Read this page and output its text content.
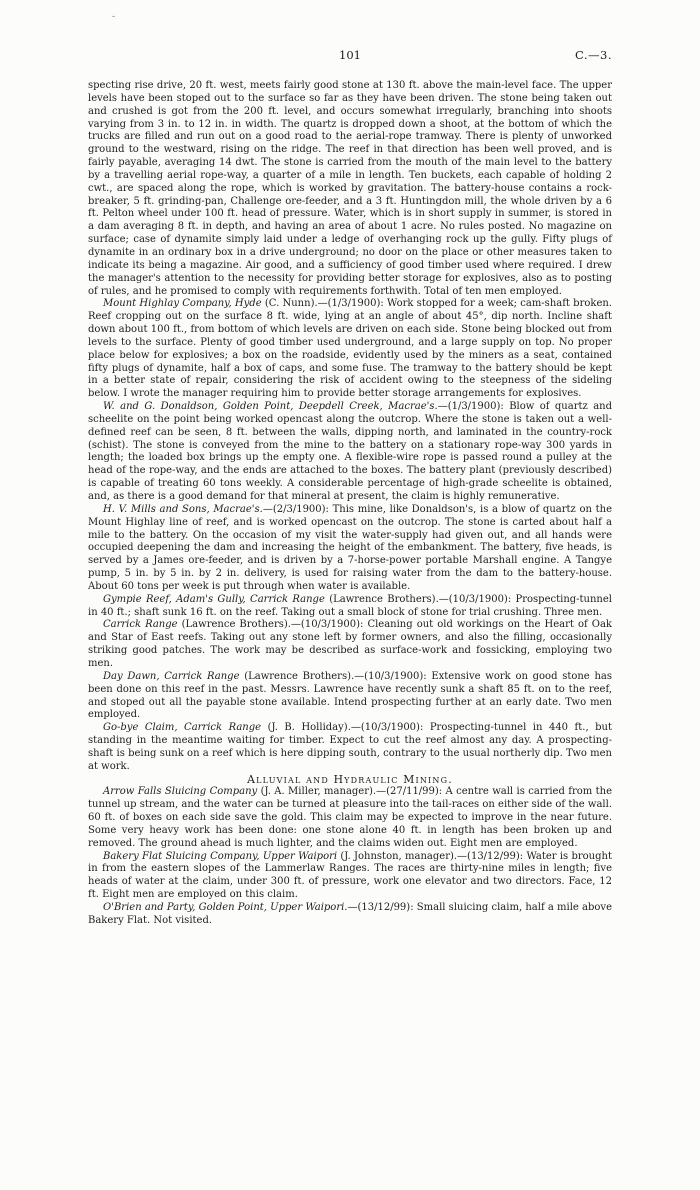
-
101	C.—3.

specting rise drive, 20 ft. west, meets fairly good stone at 130 ft. above the main-level face. The upper levels have been stoped out to the surface so far as they have been driven. The stone being taken out and crushed is got from the 200 ft. level, and occurs somewhat irregularly, branching into shoots varying from 3 in. to 12 in. in width. The quartz is dropped down a shoot, at the bottom of which the trucks are filled and run out on a good road to the aerial-rope tramway. There is plenty of unworked ground to the westward, rising on the ridge. The reef in that direction has been well proved, and is fairly payable, averaging 14 dwt. The stone is carried from the mouth of the main level to the battery by a travelling aerial rope-way, a quarter of a mile in length. Ten buckets, each capable of holding 2 cwt., are spaced along the rope, which is worked by gravitation. The battery-house contains a rock-breaker, 5 ft. grinding-pan, Challenge ore-feeder, and a 3 ft. Huntingdon mill, the whole driven by a 6 ft. Pelton wheel under 100 ft. head of pressure. Water, which is in short supply in summer, is stored in a dam averaging 8 ft. in depth, and having an area of about 1 acre. No rules posted. No magazine on surface; case of dynamite simply laid under a ledge of overhanging rock up the gully. Fifty plugs of dynamite in an ordinary box in a drive underground; no door on the place or other measures taken to indicate its being a magazine. Air good, and a sufficiency of good timber used where required. I drew the manager's attention to the necessity for providing better storage for explosives, also as to posting of rules, and he promised to comply with requirements forthwith. Total of ten men employed.

Mount Highlay Company, Hyde (C. Nunn).—(1/3/1900): Work stopped for a week; cam-shaft broken. Reef cropping out on the surface 8 ft. wide, lying at an angle of about 45°, dip north. Incline shaft down about 100 ft., from bottom of which levels are driven on each side. Stone being blocked out from levels to the surface. Plenty of good timber used underground, and a large supply on top. No proper place below for explosives; a box on the roadside, evidently used by the miners as a seat, contained fifty plugs of dynamite, half a box of caps, and some fuse. The tramway to the battery should be kept in a better state of repair, considering the risk of accident owing to the steepness of the sideling below. I wrote the manager requiring him to provide better storage arrangements for explosives.

W. and G. Donaldson, Golden Point, Deepdell Creek, Macrae's.—(1/3/1900): Blow of quartz and scheelite on the point being worked opencast along the outcrop. Where the stone is taken out a well-defined reef can be seen, 8 ft. between the walls, dipping north, and laminated in the country-rock (schist). The stone is conveyed from the mine to the battery on a stationary rope-way 300 yards in length; the loaded box brings up the empty one. A flexible-wire rope is passed round a pulley at the head of the rope-way, and the ends are attached to the boxes. The battery plant (previously described) is capable of treating 60 tons weekly. A considerable percentage of high-grade scheelite is obtained, and, as there is a good demand for that mineral at present, the claim is highly remunerative.

H. V. Mills and Sons, Macrae's.—(2/3/1900): This mine, like Donaldson's, is a blow of quartz on the Mount Highlay line of reef, and is worked opencast on the outcrop. The stone is carted about half a mile to the battery. On the occasion of my visit the water-supply had given out, and all hands were occupied deepening the dam and increasing the height of the embankment. The battery, five heads, is served by a James ore-feeder, and is driven by a 7-horse-power portable Marshall engine. A Tangye pump, 5 in. by 5 in. by 2 in. delivery, is used for raising water from the dam to the battery-house. About 60 tons per week is put through when water is available.

Gympie Reef, Adam's Gully, Carrick Range (Lawrence Brothers).—(10/3/1900): Prospecting-tunnel in 40 ft.; shaft sunk 16 ft. on the reef. Taking out a small block of stone for trial crushing. Three men.

Carrick Range (Lawrence Brothers).—(10/3/1900): Cleaning out old workings on the Heart of Oak and Star of East reefs. Taking out any stone left by former owners, and also the filling, occasionally striking good patches. The work may be described as surface-work and fossicking, employing two men.

Day Dawn, Carrick Range (Lawrence Brothers).—(10/3/1900): Extensive work on good stone has been done on this reef in the past. Messrs. Lawrence have recently sunk a shaft 85 ft. on to the reef, and stoped out all the payable stone available. Intend prospecting further at an early date. Two men employed.

Go-bye Claim, Carrick Range (J. B. Holliday).—(10/3/1900): Prospecting-tunnel in 440 ft., but standing in the meantime waiting for timber. Expect to cut the reef almost any day. A prospecting-shaft is being sunk on a reef which is here dipping south, contrary to the usual northerly dip. Two men at work.

Alluvial and Hydraulic Mining.

Arrow Falls Sluicing Company (J. A. Miller, manager).—(27/11/99): A centre wall is carried from the tunnel up stream, and the water can be turned at pleasure into the tail-races on either side of the wall. 60 ft. of boxes on each side save the gold. This claim may be expected to improve in the near future. Some very heavy work has been done: one stone alone 40 ft. in length has been broken up and removed. The ground ahead is much lighter, and the claims widen out. Eight men are employed.

Bakery Flat Sluicing Company, Upper Waipori (J. Johnston, manager).—(13/12/99): Water is brought in from the eastern slopes of the Lammerlaw Ranges. The races are thirty-nine miles in length; five heads of water at the claim, under 300 ft. of pressure, work one elevator and two directors. Face, 12 ft. Eight men are employed on this claim.

O'Brien and Party, Golden Point, Upper Waipori.—(13/12/99): Small sluicing claim, half a mile above Bakery Flat. Not visited.
